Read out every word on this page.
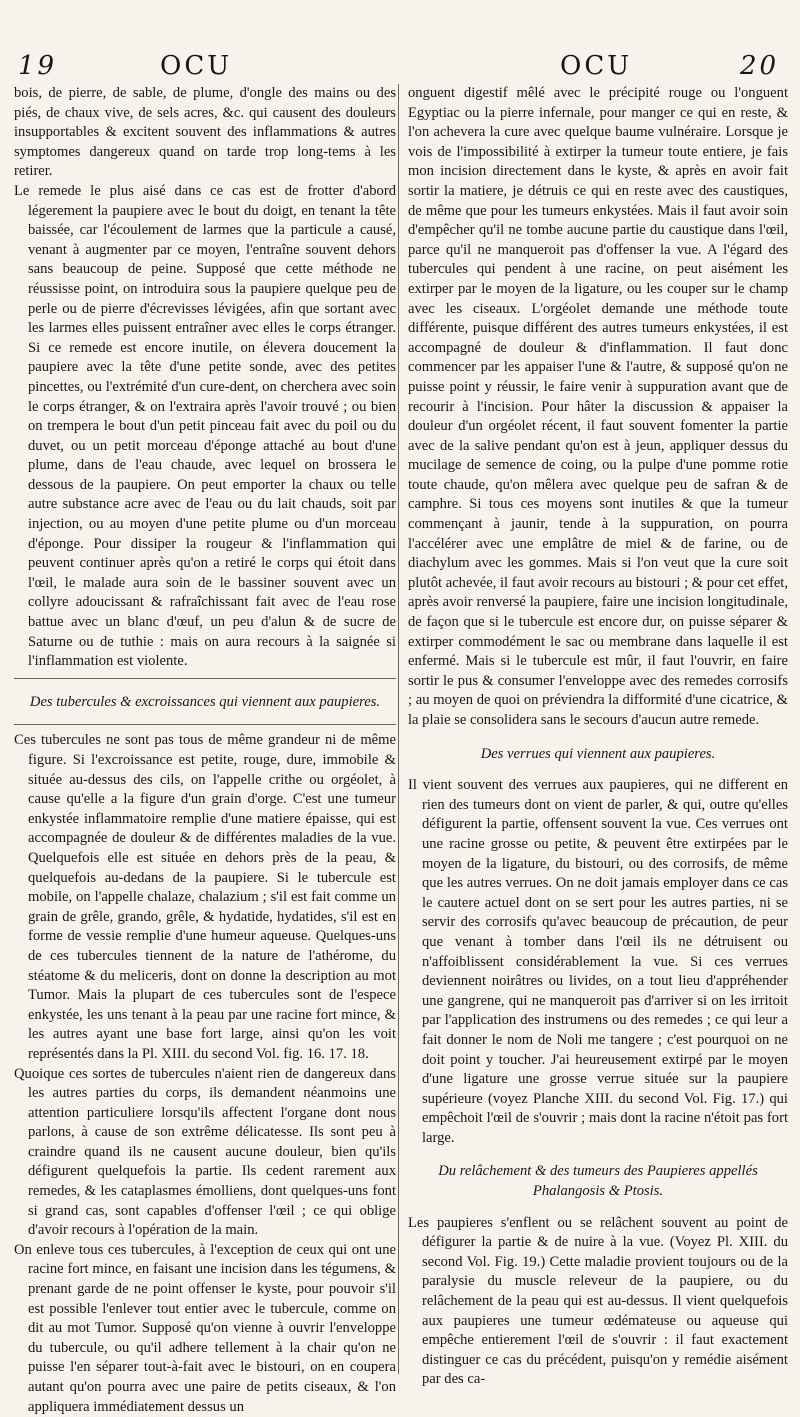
19	OCU	OCU	20

bois, de pierre, de sable, de plume, d'ongle des mains ou des piés, de chaux vive, de sels acres, &c. qui causent des douleurs insupportables & excitent souvent des inflammations & autres symptomes dangereux quand on tarde trop long-tems à les retirer.

Le remede le plus aisé dans ce cas est de frotter d'abord légerement la paupiere avec le bout du doigt, en tenant la tête baissée, car l'écoulement de larmes que la particule a causé, venant à augmenter par ce moyen, l'entraîne souvent dehors sans beaucoup de peine. Supposé que cette méthode ne réussisse point, on introduira sous la paupiere quelque peu de perle ou de pierre d'écrevisses lévigées, afin que sortant avec les larmes elles puissent entraîner avec elles le corps étranger. Si ce remede est encore inutile, on élevera doucement la paupiere avec la tête d'une petite sonde, avec des petites pincettes, ou l'extrémité d'un cure-dent, on cherchera avec soin le corps étranger, & on l'extraira après l'avoir trouvé ; ou bien on trempera le bout d'un petit pinceau fait avec du poil ou du duvet, ou un petit morceau d'éponge attaché au bout d'une plume, dans de l'eau chaude, avec lequel on brossera le dessous de la paupiere. On peut emporter la chaux ou telle autre substance acre avec de l'eau ou du lait chauds, soit par injection, ou au moyen d'une petite plume ou d'un morceau d'éponge. Pour dissiper la rougeur & l'inflammation qui peuvent continuer après qu'on a retiré le corps qui étoit dans l'œil, le malade aura soin de le bassiner souvent avec un collyre adoucissant & rafraîchissant fait avec de l'eau rose battue avec un blanc d'œuf, un peu d'alun & de sucre de Saturne ou de tuthie : mais on aura recours à la saignée si l'inflammation est violente.

Des tubercules & excroissances qui viennent aux paupieres.

Ces tubercules ne sont pas tous de même grandeur ni de même figure. Si l'excroissance est petite, rouge, dure, immobile & située au-dessus des cils, on l'appelle crithe ou orgéolet, à cause qu'elle a la figure d'un grain d'orge. C'est une tumeur enkystée inflammatoire remplie d'une matiere épaisse, qui est accompagnée de douleur & de différentes maladies de la vue. Quelquefois elle est située en dehors près de la peau, & quelquefois au-dedans de la paupiere. Si le tubercule est mobile, on l'appelle chalaze, chalazium ; s'il est fait comme un grain de grêle, grando, grêle, & hydatide, hydatides, s'il est en forme de vessie remplie d'une humeur aqueuse. Quelques-uns de ces tubercules tiennent de la nature de l'athérome, du stéatome & du meliceris, dont on donne la description au mot Tumor. Mais la plupart de ces tubercules sont de l'espece enkystée, les uns tenant à la peau par une racine fort mince, & les autres ayant une base fort large, ainsi qu'on les voit représentés dans la Pl. XIII. du second Vol. fig. 16. 17. 18.

Quoique ces sortes de tubercules n'aient rien de dangereux dans les autres parties du corps, ils demandent néanmoins une attention particuliere lorsqu'ils affectent l'organe dont nous parlons, à cause de son extrême délicatesse. Ils sont peu à craindre quand ils ne causent aucune douleur, bien qu'ils défigurent quelquefois la partie. Ils cedent rarement aux remedes, & les cataplasmes émolliens, dont quelques-uns font si grand cas, sont capables d'offenser l'œil ; ce qui oblige d'avoir recours à l'opération de la main.

On enleve tous ces tubercules, à l'exception de ceux qui ont une racine fort mince, en faisant une incision dans les tégumens, & prenant garde de ne point offenser le kyste, pour pouvoir s'il est possible l'enlever tout entier avec le tubercule, comme on dit au mot Tumor. Supposé qu'on vienne à ouvrir l'enveloppe du tubercule, ou qu'il adhere tellement à la chair qu'on ne puisse l'en séparer tout-à-fait avec le bistouri, on en coupera autant qu'on pourra avec une paire de petits ciseaux, & l'on appliquera immédiatement dessus un

onguent digestif mêlé avec le précipité rouge ou l'onguent Egyptiac ou la pierre infernale, pour manger ce qui en reste, & l'on achevera la cure avec quelque baume vulnéraire. Lorsque je vois de l'impossibilité à extirper la tumeur toute entiere, je fais mon incision directement dans le kyste, & après en avoir fait sortir la matiere, je détruis ce qui en reste avec des caustiques, de même que pour les tumeurs enkystées. Mais il faut avoir soin d'empêcher qu'il ne tombe aucune partie du caustique dans l'œil, parce qu'il ne manqueroit pas d'offenser la vue. A l'égard des tubercules qui pendent à une racine, on peut aisément les extirper par le moyen de la ligature, ou les couper sur le champ avec les ciseaux. L'orgéolet demande une méthode toute différente, puisque différent des autres tumeurs enkystées, il est accompagné de douleur & d'inflammation. Il faut donc commencer par les appaiser l'une & l'autre, & supposé qu'on ne puisse point y réussir, le faire venir à suppuration avant que de recourir à l'incision. Pour hâter la discussion & appaiser la douleur d'un orgéolet récent, il faut souvent fomenter la partie avec de la salive pendant qu'on est à jeun, appliquer dessus du mucilage de semence de coing, ou la pulpe d'une pomme rotie toute chaude, qu'on mêlera avec quelque peu de safran & de camphre. Si tous ces moyens sont inutiles & que la tumeur commençant à jaunir, tende à la suppuration, on pourra l'accélérer avec une emplâtre de miel & de farine, ou de diachylum avec les gommes. Mais si l'on veut que la cure soit plutôt achevée, il faut avoir recours au bistouri ; & pour cet effet, après avoir renversé la paupiere, faire une incision longitudinale, de façon que si le tubercule est encore dur, on puisse séparer & extirper commodément le sac ou membrane dans laquelle il est enfermé. Mais si le tubercule est mûr, il faut l'ouvrir, en faire sortir le pus & consumer l'enveloppe avec des remedes corrosifs ; au moyen de quoi on préviendra la difformité d'une cicatrice, & la plaie se consolidera sans le secours d'aucun autre remede.

Des verrues qui viennent aux paupieres.

Il vient souvent des verrues aux paupieres, qui ne different en rien des tumeurs dont on vient de parler, & qui, outre qu'elles défigurent la partie, offensent souvent la vue. Ces verrues ont une racine grosse ou petite, & peuvent être extirpées par le moyen de la ligature, du bistouri, ou des corrosifs, de même que les autres verrues. On ne doit jamais employer dans ce cas le cautere actuel dont on se sert pour les autres parties, ni se servir des corrosifs qu'avec beaucoup de précaution, de peur que venant à tomber dans l'œil ils ne détruisent ou n'affoiblissent considérablement la vue. Si ces verrues deviennent noirâtres ou livides, on a tout lieu d'appréhender une gangrene, qui ne manqueroit pas d'arriver si on les irritoit par l'application des instrumens ou des remedes ; ce qui leur a fait donner le nom de Noli me tangere ; c'est pourquoi on ne doit point y toucher. J'ai heureusement extirpé par le moyen d'une ligature une grosse verrue située sur la paupiere supérieure (voyez Planche XIII. du second Vol. Fig. 17.) qui empêchoit l'œil de s'ouvrir ; mais dont la racine n'étoit pas fort large.

Du relâchement & des tumeurs des Paupieres appellés Phalangosis & Ptosis.

Les paupieres s'enflent ou se relâchent souvent au point de défigurer la partie & de nuire à la vue. (Voyez Pl. XIII. du second Vol. Fig. 19.) Cette maladie provient toujours ou de la paralysie du muscle releveur de la paupiere, ou du relâchement de la peau qui est au-dessus. Il vient quelquefois aux paupieres une tumeur œdémateuse ou aqueuse qui empêche entierement l'œil de s'ouvrir : il faut exactement distinguer ce cas du précédent, puisqu'on y remédie aisément par des ca-
